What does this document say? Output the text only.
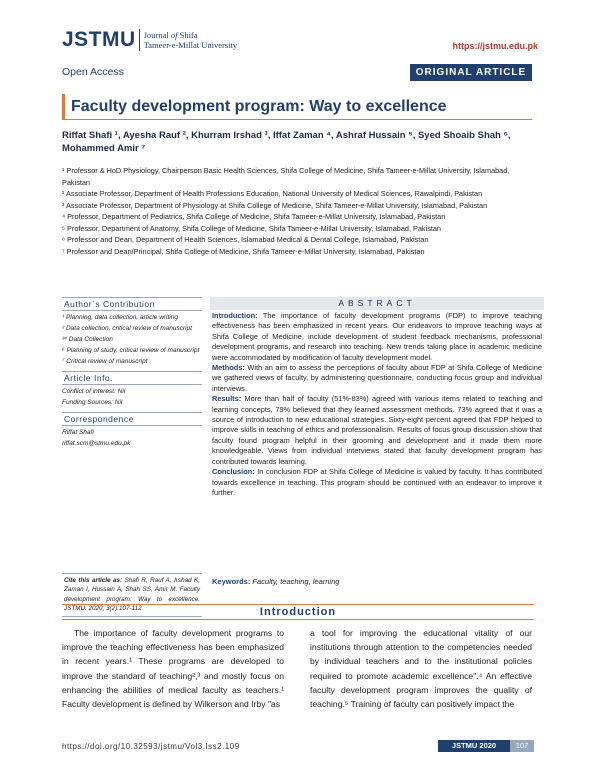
JSTMU Journal of Shifa
Tameer-e-Millat University	https://jstmu.edu.pk
Open Access	ORIGINAL ARTICLE
Faculty development program: Way to excellence
Riffat Shafi ¹, Ayesha Rauf ², Khurram Irshad ³, Iffat Zaman ⁴, Ashraf Hussain ⁵, Syed Shoaib Shah ⁶, Mohammed Amir ⁷
¹ Professor & HoD Physiology, Chairperson Basic Health Sciences, Shifa College of Medicine, Shifa Tameer-e-Millat University, Islamabad, Pakistan
² Associate Professor, Department of Health Professions Education, National University of Medical Sciences, Rawalpindi, Pakistan
³ Associate Professor, Department of Physiology at Shifa College of Medicine, Shifa Tameer-e-Millat University, Islamabad, Pakistan
⁴ Professor, Department of Pediatrics, Shifa College of Medicine, Shifa Tameer-e-Millat University, Islamabad, Pakistan
⁵ Professor, Department of Anatomy, Shifa College of Medicine, Shifa Tameer-e-Millat University, Islamabad, Pakistan
⁶ Professor and Dean, Department of Health Sciences, Islamabad Medical & Dental College, Islamabad, Pakistan
⁷ Professor and Dean/Principal, Shifa College of Medicine, Shifa Tameer-e-Millat University, Islamabad, Pakistan
Author`s Contribution
¹ Planning, data collection, article writing
² Data collection, critical review of manuscript
³⁴ Data Collection
⁶ Planning of study, critical review of manuscript
⁷ Critical review of manuscript
Article Info.
Conflict of interest: Nil
Funding Sources: Nil
Correspondence
Riffat Shafi
riffat.scm@stmu.edu.pk
Cite this article as: Shafi R, Rauf A, Irshad K, Zaman I, Hussain A, Shah SS, Amir M. Faculty development program: Way to excellence. JSTMU. 2020; 3(2):107-112
ABSTRACT

Introduction: The importance of faculty development programs (FDP) to improve teaching effectiveness has been emphasized in recent years. Our endeavors to improve teaching ways at Shifa College of Medicine, include development of student feedback mechanisms, professional development programs, and research into teaching. New trends taking place in academic medicine were accommodated by modification of faculty development model.

Methods: With an aim to assess the perceptions of faculty about FDP at Shifa College of Medicine we gathered views of faculty, by administering questionnaire, conducting focus group and individual interviews.

Results: More than half of faculty (51%-83%) agreed with various items related to teaching and learning concepts, 79% believed that they learned assessment methods. 73% agreed that it was a source of introduction to new educational strategies. Sixty-eight percent agreed that FDP helped to improve skills in teaching of ethics and professionalism. Results of focus group discussion show that faculty found program helpful in their grooming and development and it made them more knowledgeable. Views from individual interviews stated that faculty development program has contributed towards learning.

Conclusion: In conclusion FDP at Shifa College of Medicine is valued by faculty. It has contributed towards excellence in teaching. This program should be continued with an endeavor to improve it further.

Keywords: Faculty, teaching, learning
Introduction
The importance of faculty development programs to improve the teaching effectiveness has been emphasized in recent years.¹ These programs are developed to improve the standard of teaching²,³ and mostly focus on enhancing the abilities of medical faculty as teachers.¹ Faculty development is defined by Wilkerson and Irby "as
a tool for improving the educational vitality of our institutions through attention to the competencies needed by individual teachers and to the institutional policies required to promote academic excellence".⁴ An effective faculty development program improves the quality of teaching.⁵ Training of faculty can positively impact the
https://doi.org/10.32593/jstmu/Vol3.Iss2.109	JSTMU 2020	107
